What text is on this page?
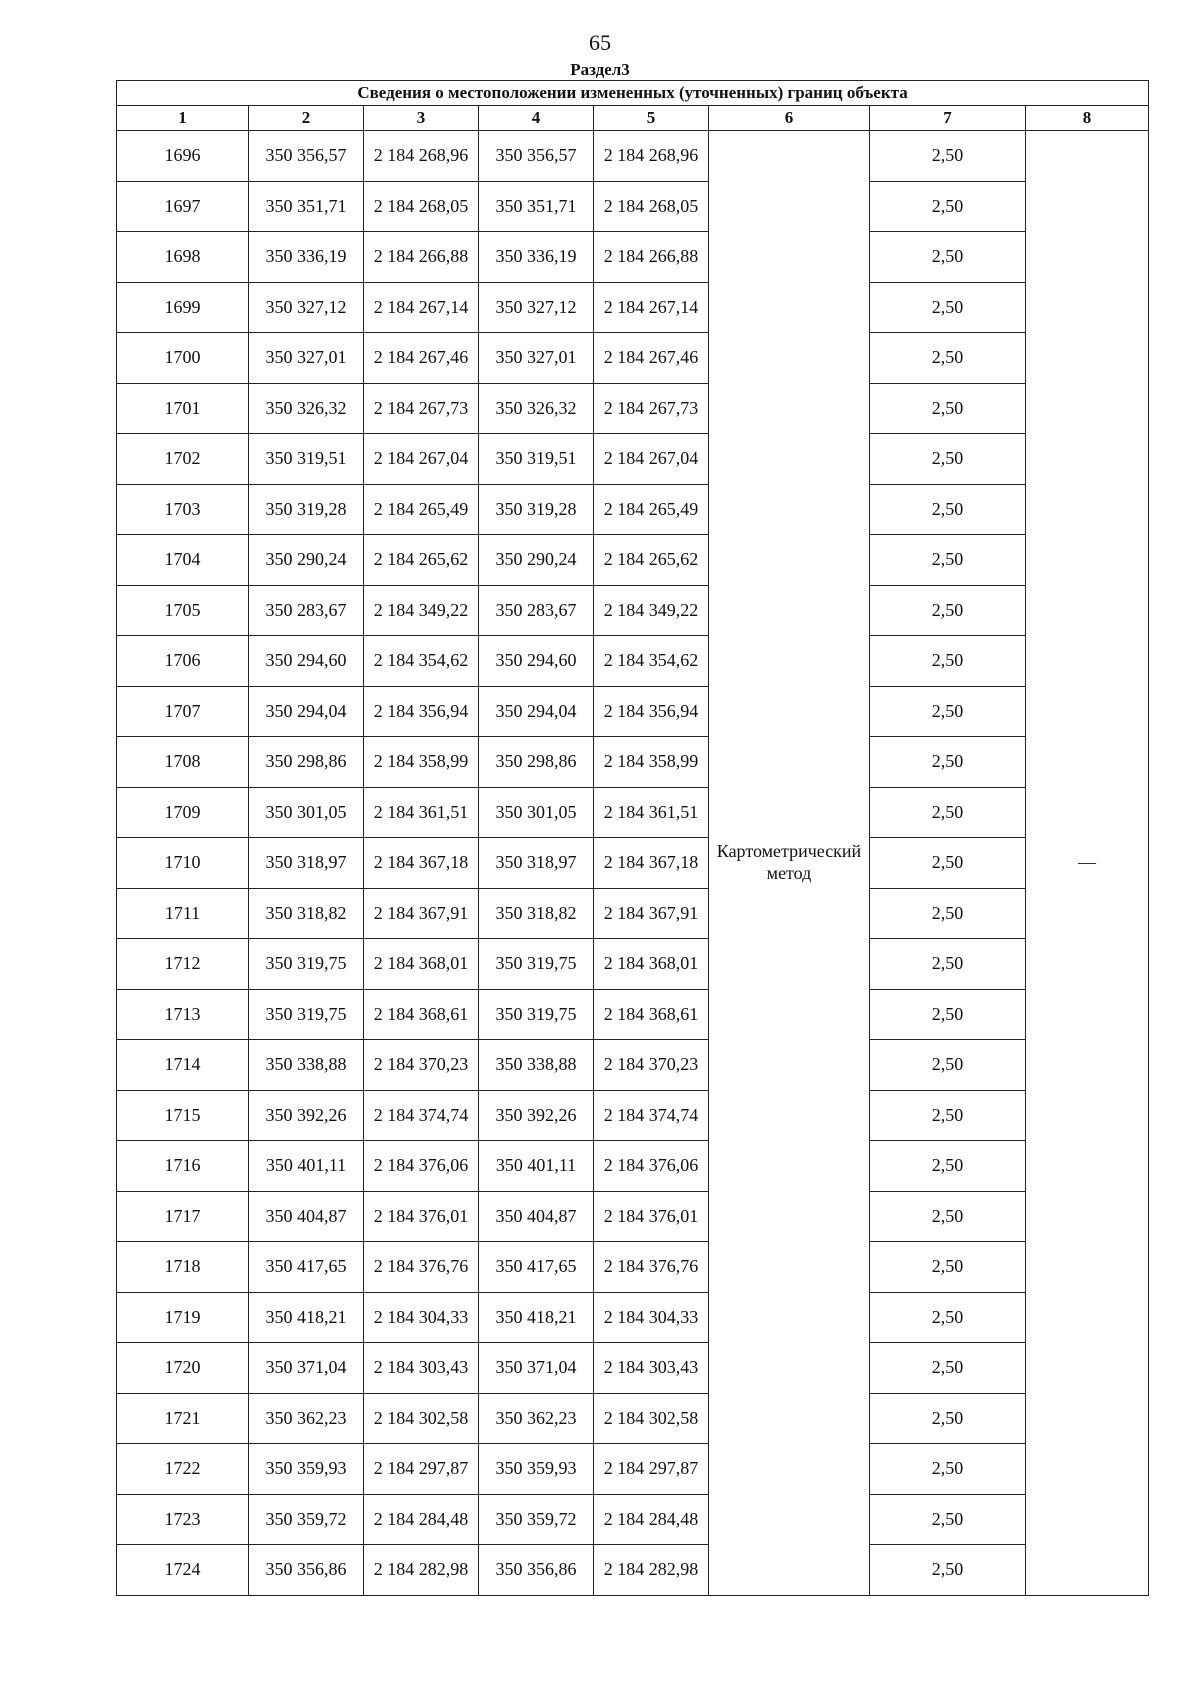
65
Раздел3
Сведения о местоположении измененных (уточненных) границ объекта							
1	2	3	4	5	6	7	8
1696	350 356,57	2 184 268,96	350 356,57	2 184 268,96	Картометрический метод	2,50	—
1697	350 351,71	2 184 268,05	350 351,71	2 184 268,05		2,50	
1698	350 336,19	2 184 266,88	350 336,19	2 184 266,88		2,50	
1699	350 327,12	2 184 267,14	350 327,12	2 184 267,14		2,50	
1700	350 327,01	2 184 267,46	350 327,01	2 184 267,46		2,50	
1701	350 326,32	2 184 267,73	350 326,32	2 184 267,73		2,50	
1702	350 319,51	2 184 267,04	350 319,51	2 184 267,04		2,50	
1703	350 319,28	2 184 265,49	350 319,28	2 184 265,49		2,50	
1704	350 290,24	2 184 265,62	350 290,24	2 184 265,62		2,50	
1705	350 283,67	2 184 349,22	350 283,67	2 184 349,22		2,50	
1706	350 294,60	2 184 354,62	350 294,60	2 184 354,62		2,50	
1707	350 294,04	2 184 356,94	350 294,04	2 184 356,94		2,50	
1708	350 298,86	2 184 358,99	350 298,86	2 184 358,99		2,50	
1709	350 301,05	2 184 361,51	350 301,05	2 184 361,51		2,50	
1710	350 318,97	2 184 367,18	350 318,97	2 184 367,18		2,50	
1711	350 318,82	2 184 367,91	350 318,82	2 184 367,91		2,50	
1712	350 319,75	2 184 368,01	350 319,75	2 184 368,01		2,50	
1713	350 319,75	2 184 368,61	350 319,75	2 184 368,61		2,50	
1714	350 338,88	2 184 370,23	350 338,88	2 184 370,23		2,50	
1715	350 392,26	2 184 374,74	350 392,26	2 184 374,74		2,50	
1716	350 401,11	2 184 376,06	350 401,11	2 184 376,06		2,50	
1717	350 404,87	2 184 376,01	350 404,87	2 184 376,01		2,50	
1718	350 417,65	2 184 376,76	350 417,65	2 184 376,76		2,50	
1719	350 418,21	2 184 304,33	350 418,21	2 184 304,33		2,50	
1720	350 371,04	2 184 303,43	350 371,04	2 184 303,43		2,50	
1721	350 362,23	2 184 302,58	350 362,23	2 184 302,58		2,50	
1722	350 359,93	2 184 297,87	350 359,93	2 184 297,87		2,50	
1723	350 359,72	2 184 284,48	350 359,72	2 184 284,48		2,50	
1724	350 356,86	2 184 282,98	350 356,86	2 184 282,98		2,50	
